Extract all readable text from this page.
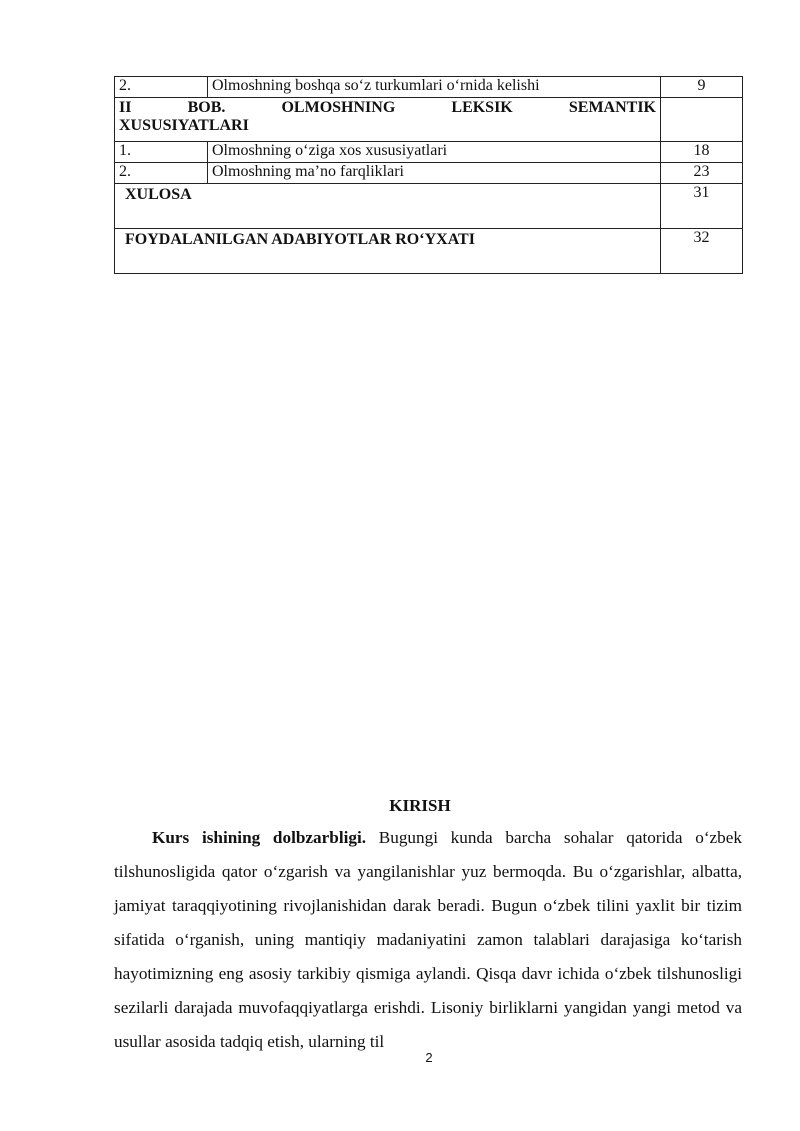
2.	Olmoshning boshqa so‘z turkumlari o‘rnida kelishi	9
II BOB. OLMOSHNING LEKSIK SEMANTIK
XUSUSIYATLARI		

1.	Olmoshning o‘ziga xos xususiyatlari	18
2.	Olmoshning ma’no farqliklari	23
XULOSA		31
FOYDALANILGAN ADABIYOTLAR RO‘YXATI		32
KIRISH

Kurs ishining dolbzarbligi. Bugungi kunda barcha sohalar qatorida o‘zbek tilshunosligida qator o‘zgarish va yangilanishlar yuz bermoqda. Bu o‘zgarishlar, albatta, jamiyat taraqqiyotining rivojlanishidan darak beradi. Bugun o‘zbek tilini yaxlit bir tizim sifatida o‘rganish, uning mantiqiy madaniyatini zamon talablari darajasiga ko‘tarish hayotimizning eng asosiy tarkibiy qismiga aylandi. Qisqa davr ichida o‘zbek tilshunosligi sezilarli darajada muvofaqqiyatlarga erishdi. Lisoniy birliklarni yangidan yangi metod va usullar asosida tadqiq etish, ularning til

2
